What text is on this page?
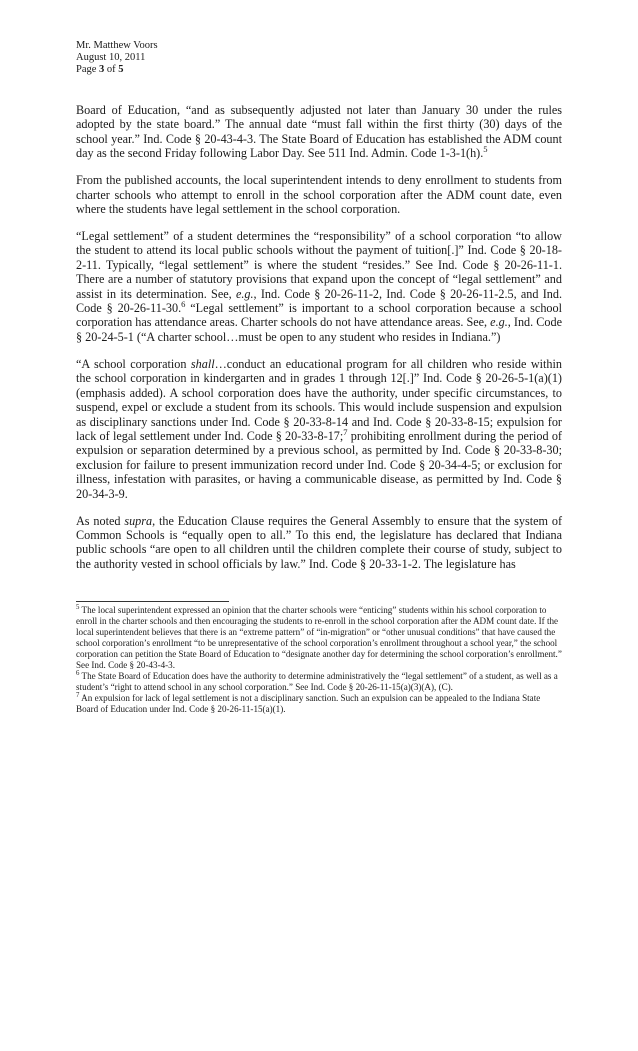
Mr. Matthew Voors
August 10, 2011
Page 3 of 5

Board of Education, “and as subsequently adjusted not later than January 30 under the rules adopted by the state board.” The annual date “must fall within the first thirty (30) days of the school year.” Ind. Code § 20-43-4-3. The State Board of Education has established the ADM count day as the second Friday following Labor Day. See 511 Ind. Admin. Code 1-3-1(h).$^5$

From the published accounts, the local superintendent intends to deny enrollment to students from charter schools who attempt to enroll in the school corporation after the ADM count date, even where the students have legal settlement in the school corporation.

“Legal settlement” of a student determines the “responsibility” of a school corporation “to allow the student to attend its local public schools without the payment of tuition[.]” Ind. Code § 20-18-2-11. Typically, “legal settlement” is where the student “resides.” See Ind. Code § 20-26-11-1. There are a number of statutory provisions that expand upon the concept of “legal settlement” and assist in its determination. See, e.g., Ind. Code § 20-26-11-2, Ind. Code § 20-26-11-2.5, and Ind. Code § 20-26-11-30.$^6$ “Legal settlement” is important to a school corporation because a school corporation has attendance areas. Charter schools do not have attendance areas. See, e.g., Ind. Code § 20-24-5-1 (“A charter school…must be open to any student who resides in Indiana.”)

“A school corporation shall…conduct an educational program for all children who reside within the school corporation in kindergarten and in grades 1 through 12[.]” Ind. Code § 20-26-5-1(a)(1) (emphasis added). A school corporation does have the authority, under specific circumstances, to suspend, expel or exclude a student from its schools. This would include suspension and expulsion as disciplinary sanctions under Ind. Code § 20-33-8-14 and Ind. Code § 20-33-8-15; expulsion for lack of legal settlement under Ind. Code § 20-33-8-17;$^7$ prohibiting enrollment during the period of expulsion or separation determined by a previous school, as permitted by Ind. Code § 20-33-8-30; exclusion for failure to present immunization record under Ind. Code § 20-34-4-5; or exclusion for illness, infestation with parasites, or having a communicable disease, as permitted by Ind. Code § 20-34-3-9.

As noted supra, the Education Clause requires the General Assembly to ensure that the system of Common Schools is “equally open to all.” To this end, the legislature has declared that Indiana public schools “are open to all children until the children complete their course of study, subject to the authority vested in school officials by law.” Ind. Code § 20-33-1-2. The legislature has

$^5$ The local superintendent expressed an opinion that the charter schools were “enticing” students within his school corporation to enroll in the charter schools and then encouraging the students to re-enroll in the school corporation after the ADM count date. If the local superintendent believes that there is an “extreme pattern” of “in-migration” or “other unusual conditions” that have caused the school corporation’s enrollment “to be unrepresentative of the school corporation’s enrollment throughout a school year,” the school corporation can petition the State Board of Education to “designate another day for determining the school corporation’s enrollment.” See Ind. Code § 20-43-4-3.

$^6$ The State Board of Education does have the authority to determine administratively the “legal settlement” of a student, as well as a student’s “right to attend school in any school corporation.” See Ind. Code § 20-26-11-15(a)(3)(A), (C).

$^7$ An expulsion for lack of legal settlement is not a disciplinary sanction. Such an expulsion can be appealed to the Indiana State Board of Education under Ind. Code § 20-26-11-15(a)(1).
